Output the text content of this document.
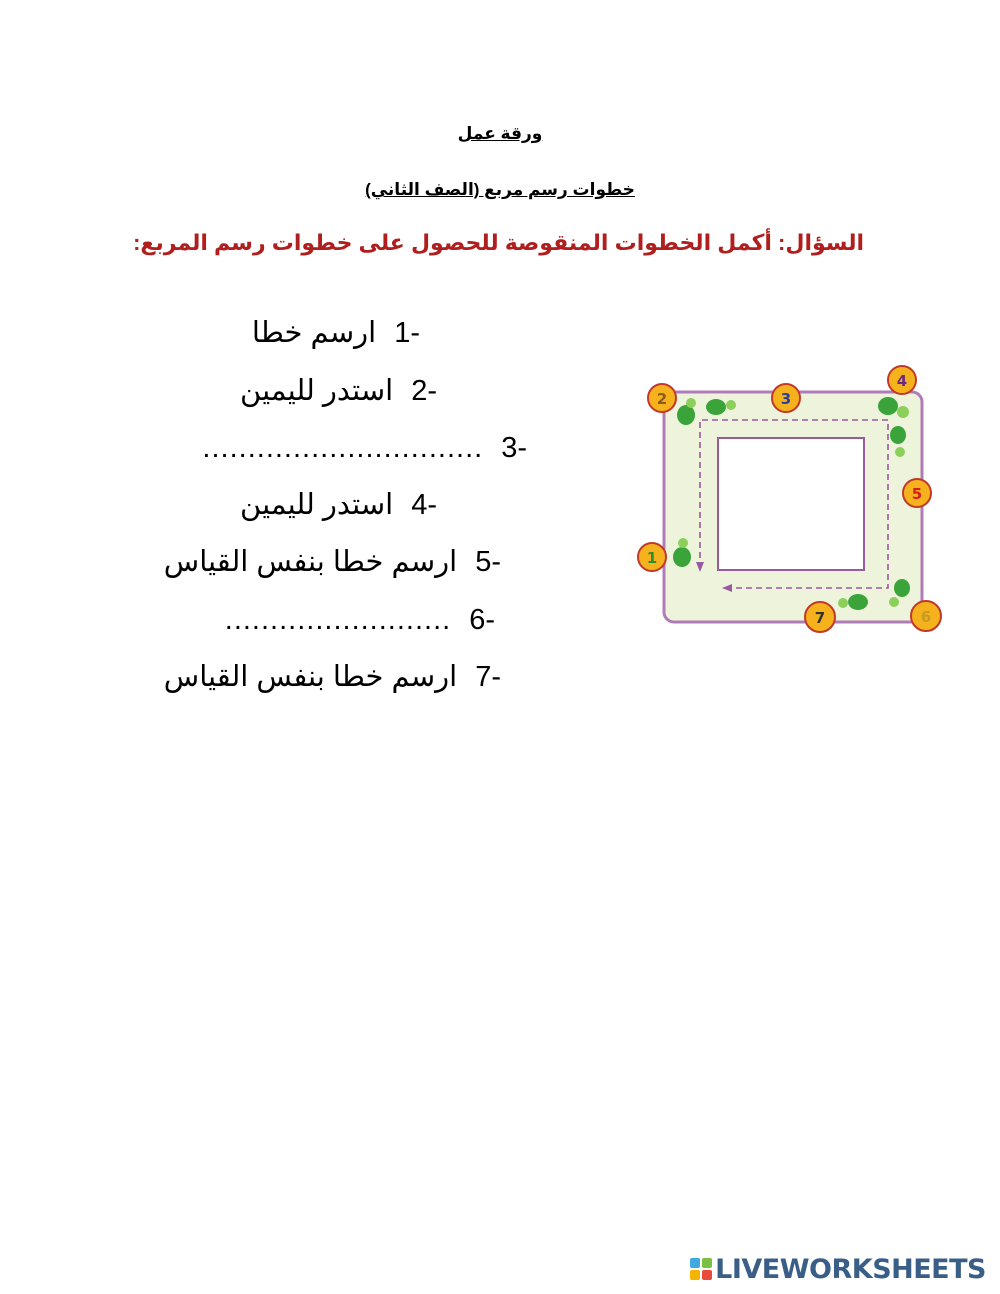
ورقة عمل
خطوات رسم مربع (الصف الثاني)
السؤال: أكمل الخطوات المنقوصة للحصول على خطوات رسم المربع:
1-ارسم خطا
2-استدر لليمين
3-...............................
4-استدر لليمين
5-ارسم خطا بنفس القياس
6-.........................
7-ارسم خطا بنفس القياس
1
2	3
4
5
6
7
LIVEWORKSHEETS
